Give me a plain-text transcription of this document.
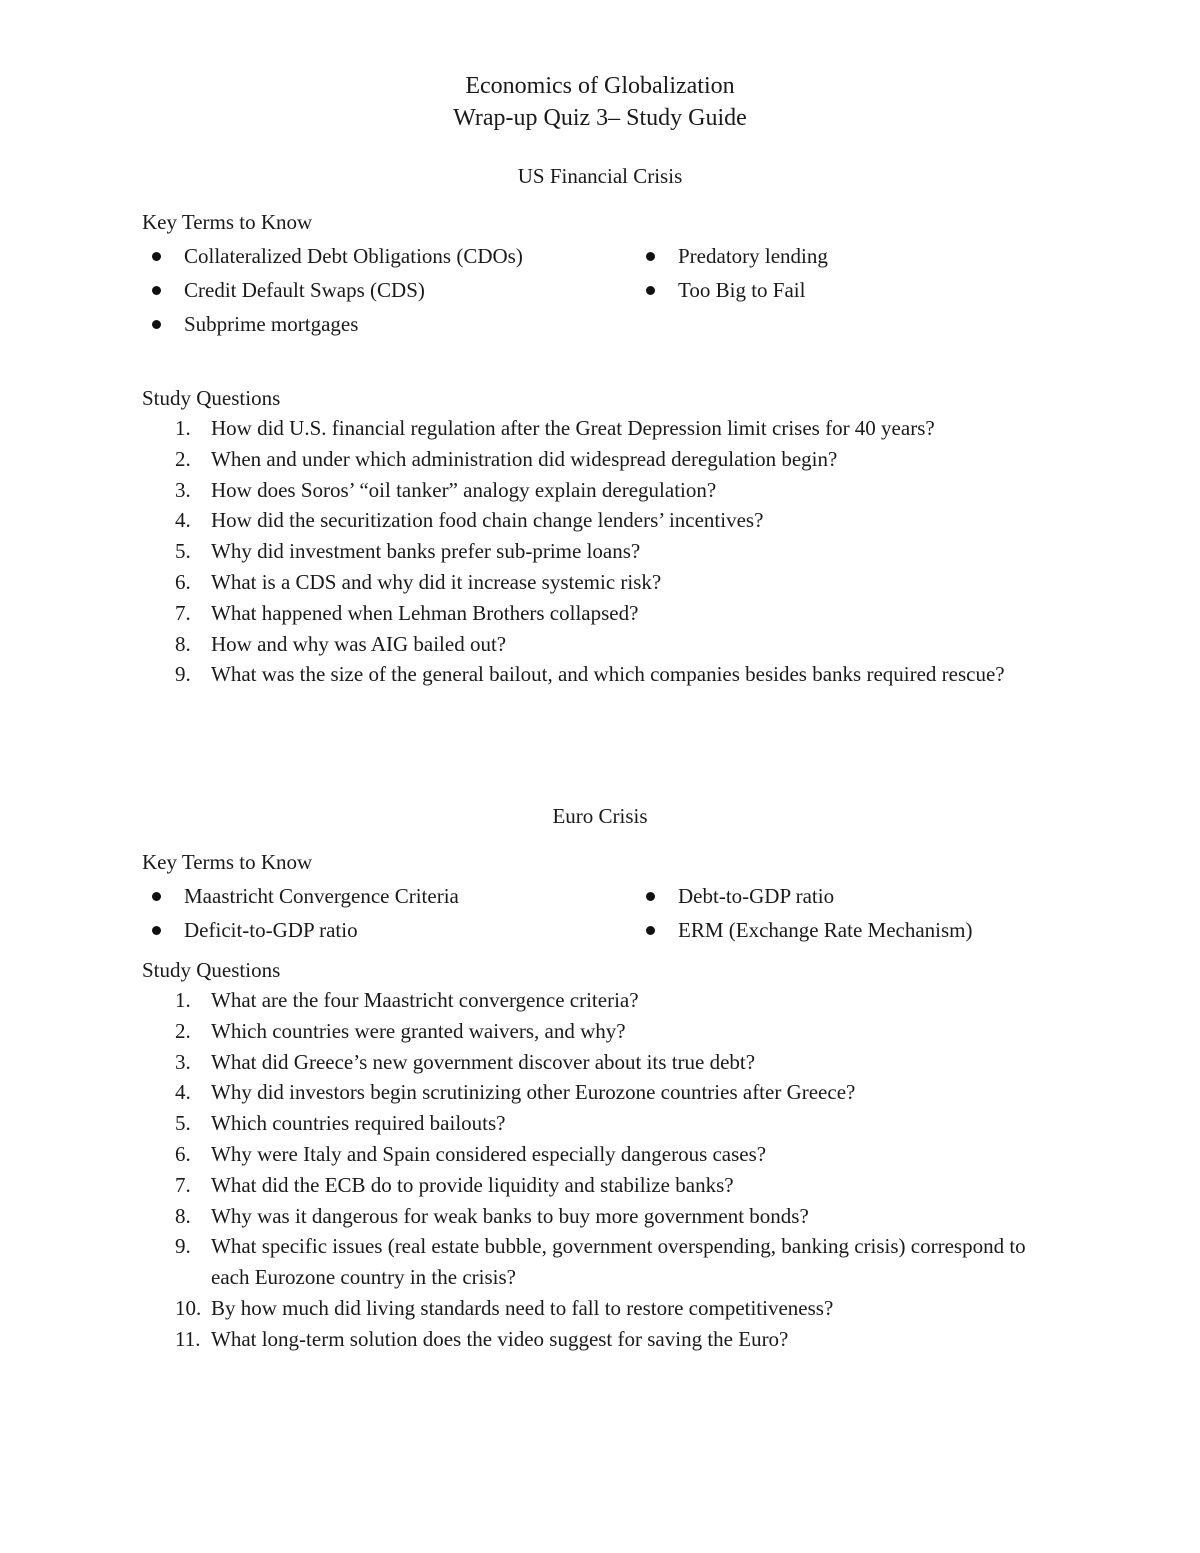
Economics of Globalization

Wrap-up Quiz 3– Study Guide

US Financial Crisis

Key Terms to Know

Collateralized Debt Obligations (CDOs)	Predatory lending
Credit Default Swaps (CDS)	Too Big to Fail
Subprime mortgages

Study Questions

1. How did U.S. financial regulation after the Great Depression limit crises for 40 years?
2. When and under which administration did widespread deregulation begin?
3. How does Soros’ “oil tanker” analogy explain deregulation?
4. How did the securitization food chain change lenders’ incentives?
5. Why did investment banks prefer sub-prime loans?
6. What is a CDS and why did it increase systemic risk?
7. What happened when Lehman Brothers collapsed?
8. How and why was AIG bailed out?
9. What was the size of the general bailout, and which companies besides banks required rescue?

Euro Crisis

Key Terms to Know

Maastricht Convergence Criteria	Debt-to-GDP ratio
Deficit-to-GDP ratio	ERM (Exchange Rate Mechanism)

Study Questions

1. What are the four Maastricht convergence criteria?
2. Which countries were granted waivers, and why?
3. What did Greece’s new government discover about its true debt?
4. Why did investors begin scrutinizing other Eurozone countries after Greece?
5. Which countries required bailouts?
6. Why were Italy and Spain considered especially dangerous cases?
7. What did the ECB do to provide liquidity and stabilize banks?
8. Why was it dangerous for weak banks to buy more government bonds?
9. What specific issues (real estate bubble, government overspending, banking crisis) correspond to each Eurozone country in the crisis?
10. By how much did living standards need to fall to restore competitiveness?
11. What long-term solution does the video suggest for saving the Euro?
